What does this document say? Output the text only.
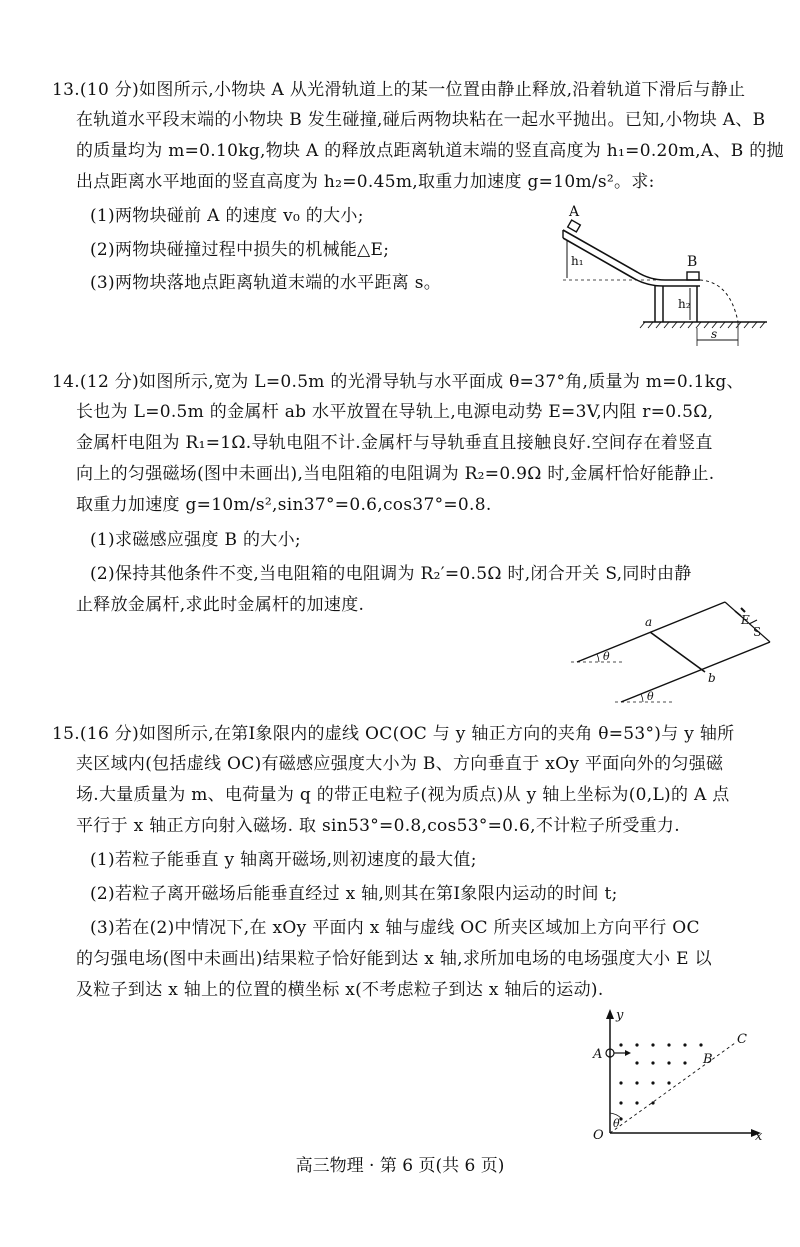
13.(10 分)如图所示,小物块 A 从光滑轨道上的某一位置由静止释放,沿着轨道下滑后与静止
在轨道水平段末端的小物块 B 发生碰撞,碰后两物块粘在一起水平抛出。已知,小物块 A、B
的质量均为 m=0.10kg,物块 A 的释放点距离轨道末端的竖直高度为 h₁=0.20m,A、B 的抛
出点距离水平地面的竖直高度为 h₂=0.45m,取重力加速度 g=10m/s²。求:
(1)两物块碰前 A 的速度 v₀ 的大小;
(2)两物块碰撞过程中损失的机械能△E;
(3)两物块落地点距离轨道末端的水平距离 s。
A
B
h₁
h₂
s
14.(12 分)如图所示,宽为 L=0.5m 的光滑导轨与水平面成 θ=37°角,质量为 m=0.1kg、
长也为 L=0.5m 的金属杆 ab 水平放置在导轨上,电源电动势 E=3V,内阻 r=0.5Ω,
金属杆电阻为 R₁=1Ω.导轨电阻不计.金属杆与导轨垂直且接触良好.空间存在着竖直
向上的匀强磁场(图中未画出),当电阻箱的电阻调为 R₂=0.9Ω 时,金属杆恰好能静止.
取重力加速度 g=10m/s²,sin37°=0.6,cos37°=0.8.
(1)求磁感应强度 B 的大小;
(2)保持其他条件不变,当电阻箱的电阻调为 R₂′=0.5Ω 时,闭合开关 S,同时由静
止释放金属杆,求此时金属杆的加速度.
a
b
E
S
θ
θ
15.(16 分)如图所示,在第Ⅰ象限内的虚线 OC(OC 与 y 轴正方向的夹角 θ=53°)与 y 轴所
夹区域内(包括虚线 OC)有磁感应强度大小为 B、方向垂直于 xOy 平面向外的匀强磁
场.大量质量为 m、电荷量为 q 的带正电粒子(视为质点)从 y 轴上坐标为(0,L)的 A 点
平行于 x 轴正方向射入磁场. 取 sin53°=0.8,cos53°=0.6,不计粒子所受重力.
(1)若粒子能垂直 y 轴离开磁场,则初速度的最大值;
(2)若粒子离开磁场后能垂直经过 x 轴,则其在第Ⅰ象限内运动的时间 t;
(3)若在(2)中情况下,在 xOy 平面内 x 轴与虚线 OC 所夹区域加上方向平行 OC
的匀强电场(图中未画出)结果粒子恰好能到达 x 轴,求所加电场的电场强度大小 E 以
及粒子到达 x 轴上的位置的横坐标 x(不考虑粒子到达 x 轴后的运动).
y
x
O
C
A	B
θ
高三物理 · 第 6 页(共 6 页)
